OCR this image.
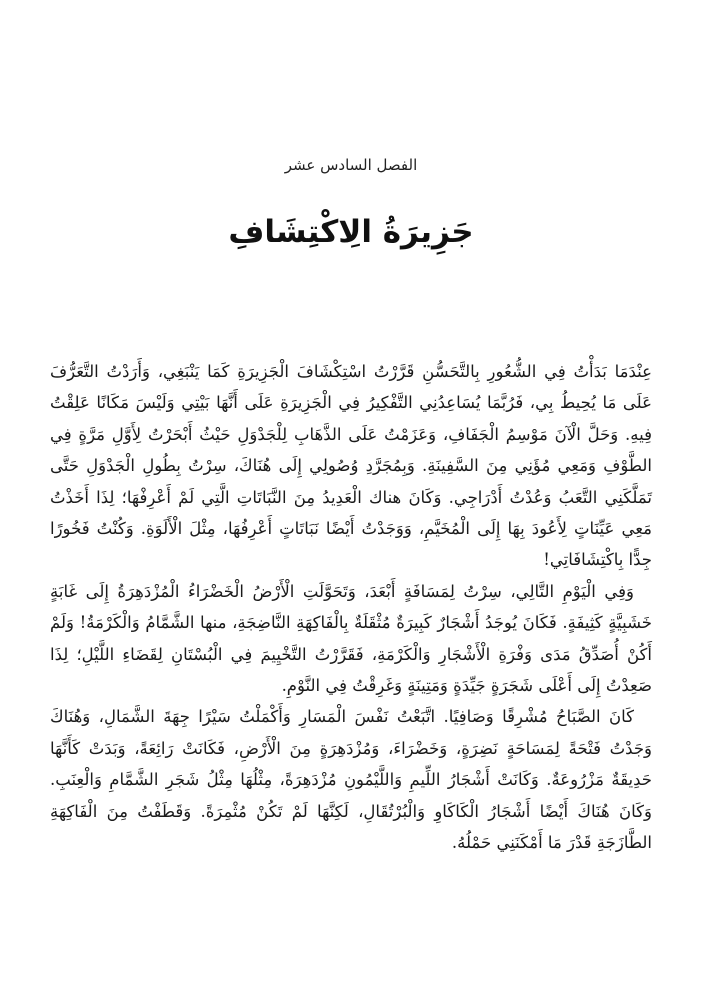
الفصل السادس عشر
جَزِيرَةُ الِاكْتِشَافِ

عِنْدَمَا بَدَأْتُ فِي الشُّعُورِ بِالتَّحَسُّنِ قَرَّرْتُ اسْتِكْشَافَ الْجَزِيرَةِ كَمَا يَنْبَغِي، وَأَرَدْتُ التَّعَرُّفَ عَلَى مَا يُحِيطُ بِي، فَرُبَّمَا يُسَاعِدُنِي التَّفْكِيرُ فِي الْجَزِيرَةِ عَلَى أَنَّهَا بَيْتِي وَلَيْسَ مَكَانًا عَلِقْتُ فِيهِ. وَحَلَّ الْآنَ مَوْسِمُ الْجَفَافِ، وَعَزَمْتُ عَلَى الذَّهَابِ لِلْجَدْوَلِ حَيْثُ أَبْحَرْتُ لِأَوَّلِ مَرَّةٍ فِي الطَّوْفِ وَمَعِي مُؤَنِي مِنَ السَّفِينَةِ. وَبِمُجَرَّدِ وُصُولِي إِلَى هُنَاكَ، سِرْتُ بِطُولِ الْجَدْوَلِ حَتَّى تَمَلَّكَنِي التَّعَبُ وَعُدْتُ أَدْرَاجِي. وَكَانَ هناك الْعَدِيدُ مِنَ النَّبَاتَاتِ الَّتِي لَمْ أَعْرِفْهَا؛ لِذَا أَخَذْتُ مَعِي عَيِّنَاتٍ لِأَعُودَ بِهَا إِلَى الْمُخَيَّمِ، وَوَجَدْتُ أَيْضًا نَبَاتَاتٍ أَعْرِفُهَا، مِثْلَ الْأَلَوَةِ. وَكُنْتُ فَخُورًا جِدًّا بِاكْتِشَافَاتِي!

وَفِي الْيَوْمِ التَّالِي، سِرْتُ لِمَسَافَةٍ أَبْعَدَ، وَتَحَوَّلَتِ الْأَرْضُ الْخَضْرَاءُ الْمُزْدَهِرَةُ إِلَى غَابَةٍ خَشَبِيَّةٍ كَثِيفَةٍ. فَكَانَ يُوجَدُ أَشْجَارٌ كَبِيرَةٌ مُثْقَلَةٌ بِالْفَاكِهَةِ النَّاضِجَةِ، منها الشَّمَّامُ وَالْكَرْمَةُ! وَلَمْ أَكُنْ أُصَدِّقُ مَدَى وَفْرَةِ الْأَشْجَارِ وَالْكَرْمَةِ، فَقَرَّرْتُ التَّخْيِيمَ فِي الْبُسْتَانِ لِقَضَاءِ اللَّيْلِ؛ لِذَا صَعِدْتُ إِلَى أَعْلَى شَجَرَةٍ جَيِّدَةٍ وَمَتِينَةٍ وَغَرِقْتُ فِي النَّوْمِ.

كَانَ الصَّبَاحُ مُشْرِقًا وَصَافِيًا. اتَّبَعْتُ نَفْسَ الْمَسَارِ وَأَكْمَلْتُ سَيْرًا جِهَةَ الشَّمَالِ، وَهُنَاكَ وَجَدْتُ فَتْحَةً لِمَسَاحَةٍ نَضِرَةٍ، وَخَضْرَاءَ، وَمُزْدَهِرَةٍ مِنَ الْأَرْضِ، فَكَانَتْ رَائِعَةً، وَبَدَتْ كَأَنَّهَا حَدِيقَةٌ مَزْرُوعَةٌ. وَكَانَتْ أَشْجَارُ اللِّيمِ وَاللَّيْمُونِ مُزْدَهِرَةً، مِثْلُهَا مِثْلُ شَجَرِ الشَّمَّامِ وَالْعِنَبِ. وَكَانَ هُنَاكَ أَيْضًا أَشْجَارُ الْكَاكَاوِ وَالْبُرْتُقَالِ، لَكِنَّهَا لَمْ تَكُنْ مُثْمِرَةً. وَقَطَفْتُ مِنَ الْفَاكِهَةِ الطَّازَجَةِ قَدْرَ مَا أَمْكَنَنِي حَمْلُهُ.
